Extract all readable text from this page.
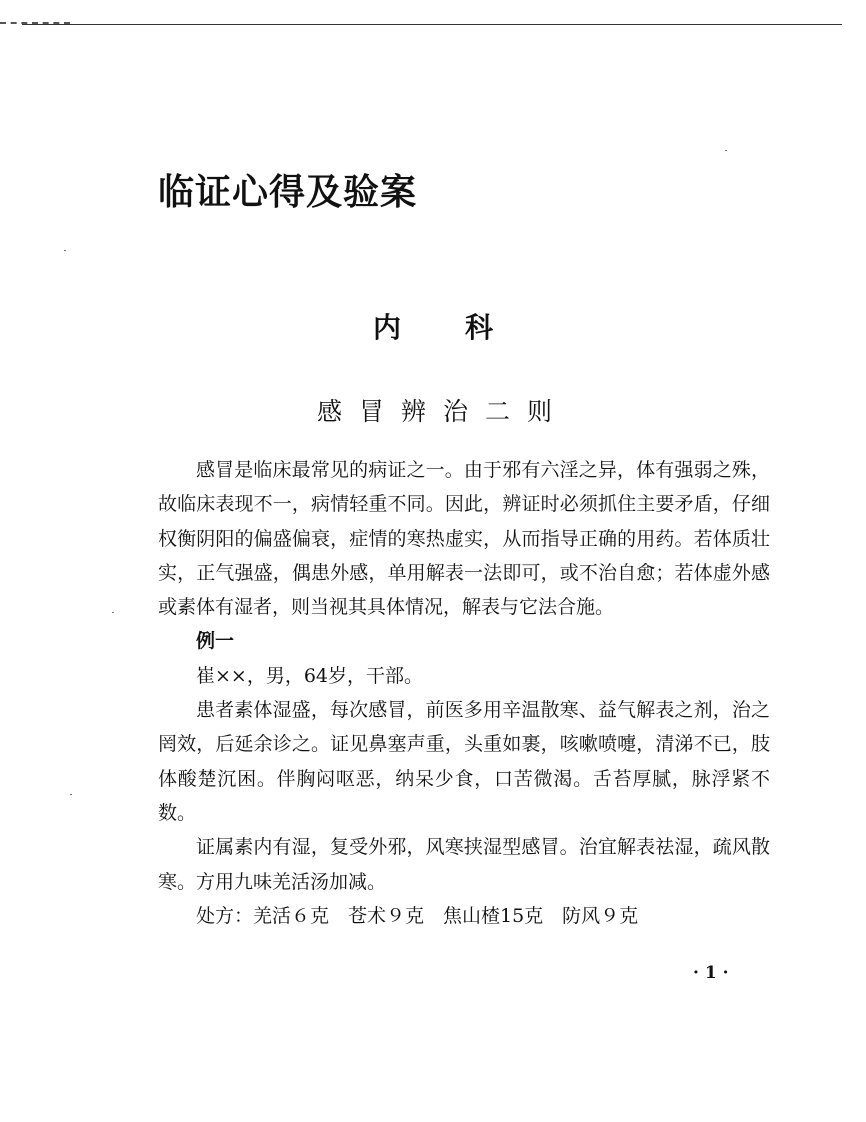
临证心得及验案
内 科
感冒辨治二则

感冒是临床最常见的病证之一。由于邪有六淫之异，体有强弱之殊，故临床表现不一，病情轻重不同。因此，辨证时必须抓住主要矛盾，仔细权衡阴阳的偏盛偏衰，症情的寒热虚实，从而指导正确的用药。若体质壮实，正气强盛，偶患外感，单用解表一法即可，或不治自愈；若体虚外感或素体有湿者，则当视其具体情况，解表与它法合施。

例一

崔××，男，64岁，干部。

患者素体湿盛，每次感冒，前医多用辛温散寒、益气解表之剂，治之罔效，后延余诊之。证见鼻塞声重，头重如裹，咳嗽喷嚏，清涕不已，肢体酸楚沉困。伴胸闷呕恶，纳呆少食，口苦微渴。舌苔厚腻，脉浮紧不数。

证属素内有湿，复受外邪，风寒挟湿型感冒。治宜解表祛湿，疏风散寒。方用九味羌活汤加减。

处方：羌活６克　苍术９克　焦山楂15克　防风９克

· 1 ·
